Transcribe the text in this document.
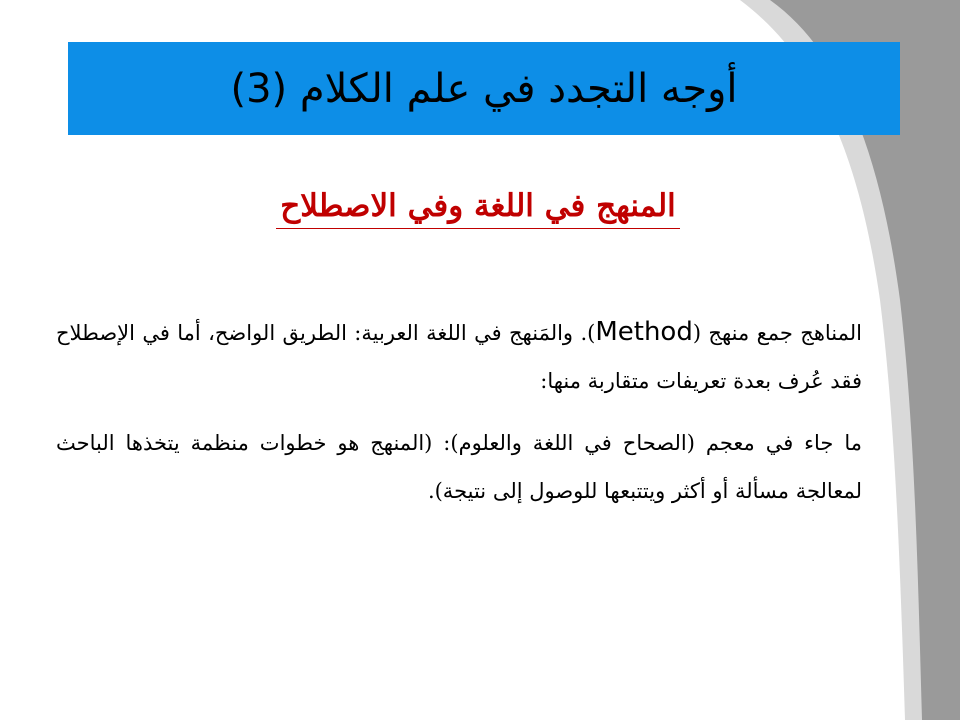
أوجه التجدد في علم الكلام (3)
المنهج في اللغة وفي الاصطلاح

المناهج جمع منهج (Method). والمَنهج في اللغة العربية: الطريق الواضح، أما في الإصطلاح فقد عُرف بعدة تعريفات متقاربة منها:

ما جاء في معجم (الصحاح في اللغة والعلوم): (المنهج هو خطوات منظمة يتخذها الباحث لمعالجة مسألة أو أكثر ويتتبعها للوصول إلى نتيجة).
